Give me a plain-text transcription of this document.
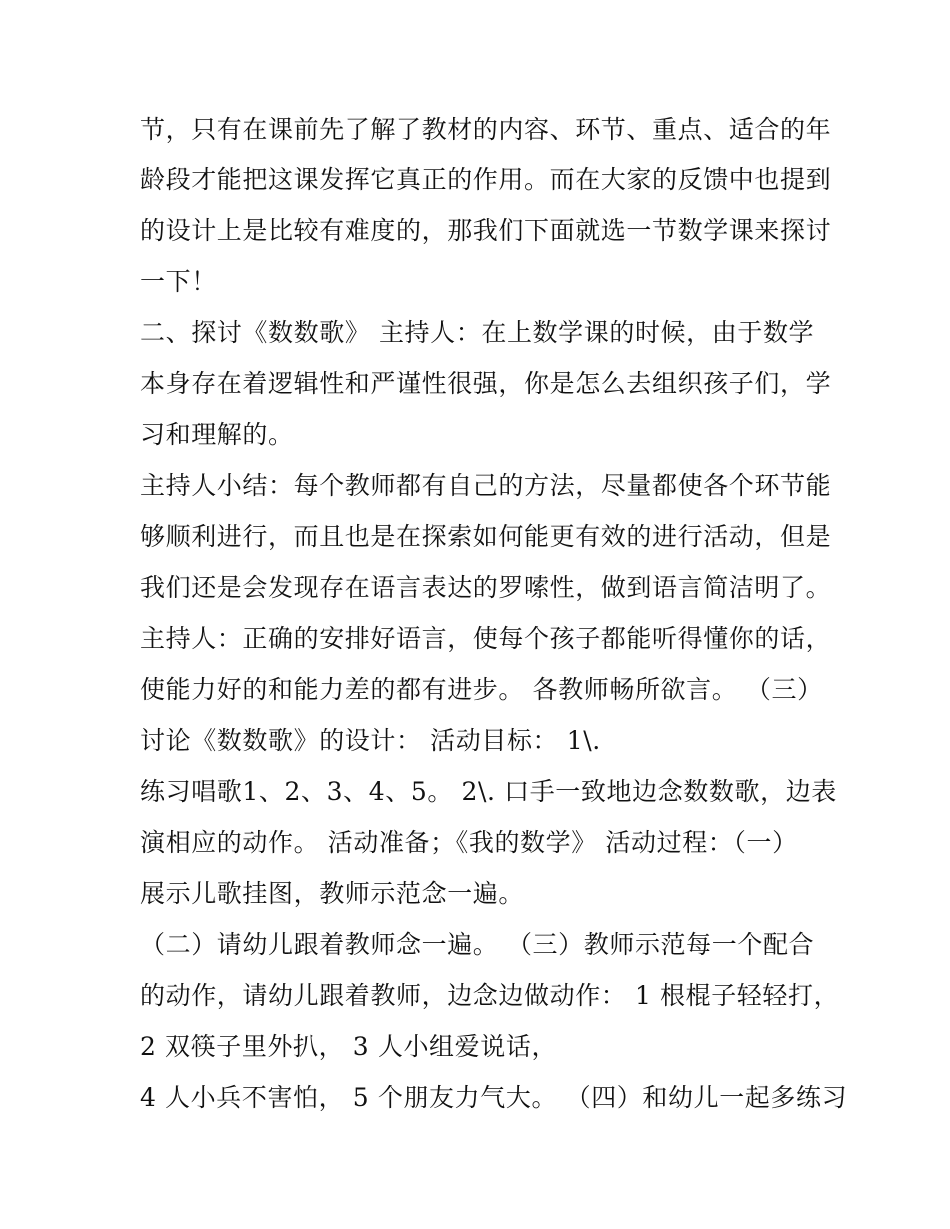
节，只有在课前先了解了教材的内容、环节、重点、适合的年
龄段才能把这课发挥它真正的作用。而在大家的反馈中也提到
的设计上是比较有难度的，那我们下面就选一节数学课来探讨
一下！
二、探讨《数数歌》 主持人：在上数学课的时候，由于数学
本身存在着逻辑性和严谨性很强，你是怎么去组织孩子们，学
习和理解的。
主持人小结：每个教师都有自己的方法，尽量都使各个环节能
够顺利进行，而且也是在探索如何能更有效的进行活动，但是
我们还是会发现存在语言表达的罗嗦性，做到语言简洁明了。
主持人：正确的安排好语言，使每个孩子都能听得懂你的话，
使能力好的和能力差的都有进步。 各教师畅所欲言。 （三）
讨论《数数歌》的设计： 活动目标： 1\.
练习唱歌1、2、3、4、5。 2\. 口手一致地边念数数歌，边表
演相应的动作。 活动准备；《我的数学》 活动过程：（一）
展示儿歌挂图，教师示范念一遍。
（二）请幼儿跟着教师念一遍。 （三）教师示范每一个配合
的动作，请幼儿跟着教师，边念边做动作： 1 根棍子轻轻打，
2 双筷子里外扒， 3 人小组爱说话，
4 人小兵不害怕， 5 个朋友力气大。 （四）和幼儿一起多练习
